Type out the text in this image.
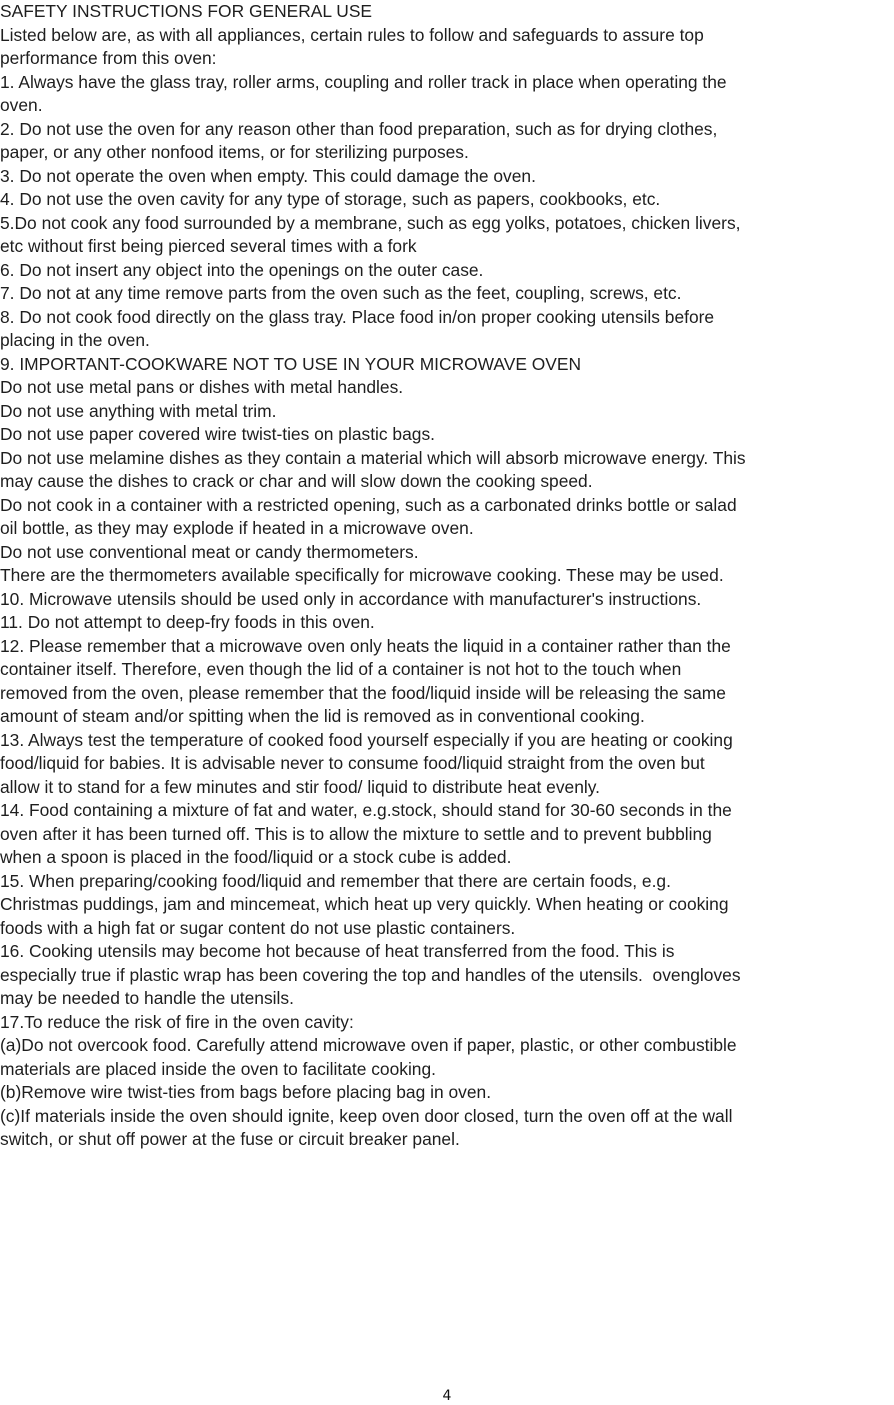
SAFETY INSTRUCTIONS FOR GENERAL USE
Listed below are, as with all appliances, certain rules to follow and safeguards to assure top
performance from this oven:
1. Always have the glass tray, roller arms, coupling and roller track in place when operating the
oven.
2. Do not use the oven for any reason other than food preparation, such as for drying clothes,
paper, or any other nonfood items, or for sterilizing purposes.
3. Do not operate the oven when empty. This could damage the oven.
4. Do not use the oven cavity for any type of storage, such as papers, cookbooks, etc.
5.Do not cook any food surrounded by a membrane, such as egg yolks, potatoes, chicken livers,
etc without first being pierced several times with a fork
6. Do not insert any object into the openings on the outer case.
7. Do not at any time remove parts from the oven such as the feet, coupling, screws, etc.
8. Do not cook food directly on the glass tray. Place food in/on proper cooking utensils before
placing in the oven.
9. IMPORTANT-COOKWARE NOT TO USE IN YOUR MICROWAVE OVEN
Do not use metal pans or dishes with metal handles.
Do not use anything with metal trim.
Do not use paper covered wire twist-ties on plastic bags.
Do not use melamine dishes as they contain a material which will absorb microwave energy. This
may cause the dishes to crack or char and will slow down the cooking speed.
Do not cook in a container with a restricted opening, such as a carbonated drinks bottle or salad
oil bottle, as they may explode if heated in a microwave oven.
Do not use conventional meat or candy thermometers.
There are the thermometers available specifically for microwave cooking. These may be used.
10. Microwave utensils should be used only in accordance with manufacturer's instructions.
11. Do not attempt to deep-fry foods in this oven.
12. Please remember that a microwave oven only heats the liquid in a container rather than the
container itself. Therefore, even though the lid of a container is not hot to the touch when
removed from the oven, please remember that the food/liquid inside will be releasing the same
amount of steam and/or spitting when the lid is removed as in conventional cooking.
13. Always test the temperature of cooked food yourself especially if you are heating or cooking
food/liquid for babies. It is advisable never to consume food/liquid straight from the oven but
allow it to stand for a few minutes and stir food/ liquid to distribute heat evenly.
14. Food containing a mixture of fat and water, e.g.stock, should stand for 30-60 seconds in the
oven after it has been turned off. This is to allow the mixture to settle and to prevent bubbling
when a spoon is placed in the food/liquid or a stock cube is added.
15. When preparing/cooking food/liquid and remember that there are certain foods, e.g.
Christmas puddings, jam and mincemeat, which heat up very quickly. When heating or cooking
foods with a high fat or sugar content do not use plastic containers.
16. Cooking utensils may become hot because of heat transferred from the food. This is
especially true if plastic wrap has been covering the top and handles of the utensils.  ovengloves
may be needed to handle the utensils.
17.To reduce the risk of fire in the oven cavity:
(a)Do not overcook food. Carefully attend microwave oven if paper, plastic, or other combustible
materials are placed inside the oven to facilitate cooking.
(b)Remove wire twist-ties from bags before placing bag in oven.
(c)If materials inside the oven should ignite, keep oven door closed, turn the oven off at the wall
switch, or shut off power at the fuse or circuit breaker panel.
4
